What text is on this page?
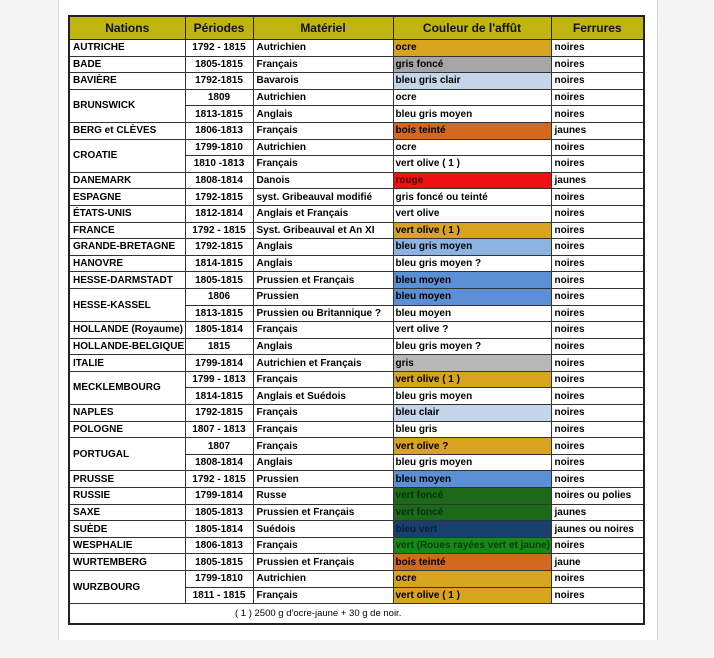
Nations	Périodes	Matériel	Couleur de l'affût	Ferrures
AUTRICHE	1792 - 1815	Autrichien	ocre	noires
BADE	1805-1815	Français	gris foncé	noires
BAVIÈRE	1792-1815	Bavarois	bleu gris clair	noires
BRUNSWICK	1809	Autrichien	ocre	noires
	1813-1815	Anglais	bleu gris moyen	noires
BERG et CLÈVES	1806-1813	Français	bois teinté	jaunes
CROATIE	1799-1810	Autrichien	ocre	noires
	1810 -1813	Français	vert olive ( 1 )	noires
DANEMARK	1808-1814	Danois	rouge	jaunes
ESPAGNE	1792-1815	syst. Gribeauval modifié	gris foncé ou teinté	noires
ÉTATS-UNIS	1812-1814	Anglais et Français	vert olive	noires
FRANCE	1792 - 1815	Syst. Gribeauval et An XI	vert olive ( 1 )	noires
GRANDE-BRETAGNE	1792-1815	Anglais	bleu gris moyen	noires
HANOVRE	1814-1815	Anglais	bleu gris moyen ?	noires
HESSE-DARMSTADT	1805-1815	Prussien et Français	bleu moyen	noires
HESSE-KASSEL	1806	Prussien	bleu moyen	noires
	1813-1815	Prussien ou Britannique ?	bleu moyen	noires
HOLLANDE (Royaume)	1805-1814	Français	vert olive ?	noires
HOLLANDE-BELGIQUE	1815	Anglais	bleu gris moyen ?	noires
ITALIE	1799-1814	Autrichien et Français	gris	noires
MECKLEMBOURG	1799 - 1813	Français	vert olive ( 1 )	noires
	1814-1815	Anglais et Suédois	bleu gris moyen	noires
NAPLES	1792-1815	Français	bleu clair	noires
POLOGNE	1807 - 1813	Français	bleu gris	noires
PORTUGAL	1807	Français	vert olive ?	noires
	1808-1814	Anglais	bleu gris moyen	noires
PRUSSE	1792 - 1815	Prussien	bleu moyen	noires
RUSSIE	1799-1814	Russe	vert foncé	noires ou polies
SAXE	1805-1813	Prussien et Français	vert foncé	jaunes
SUÈDE	1805-1814	Suédois	bleu vert	jaunes ou noires
WESPHALIE	1806-1813	Français	vert (Roues rayées vert et jaune)	noires
WURTEMBERG	1805-1815	Prussien et Français	bois teinté	jaune
WURZBOURG	1799-1810	Autrichien	ocre	noires
	1811 - 1815	Français	vert olive ( 1 )	noires
( 1 ) 2500 g d'ocre-jaune + 30 g de noir.				
